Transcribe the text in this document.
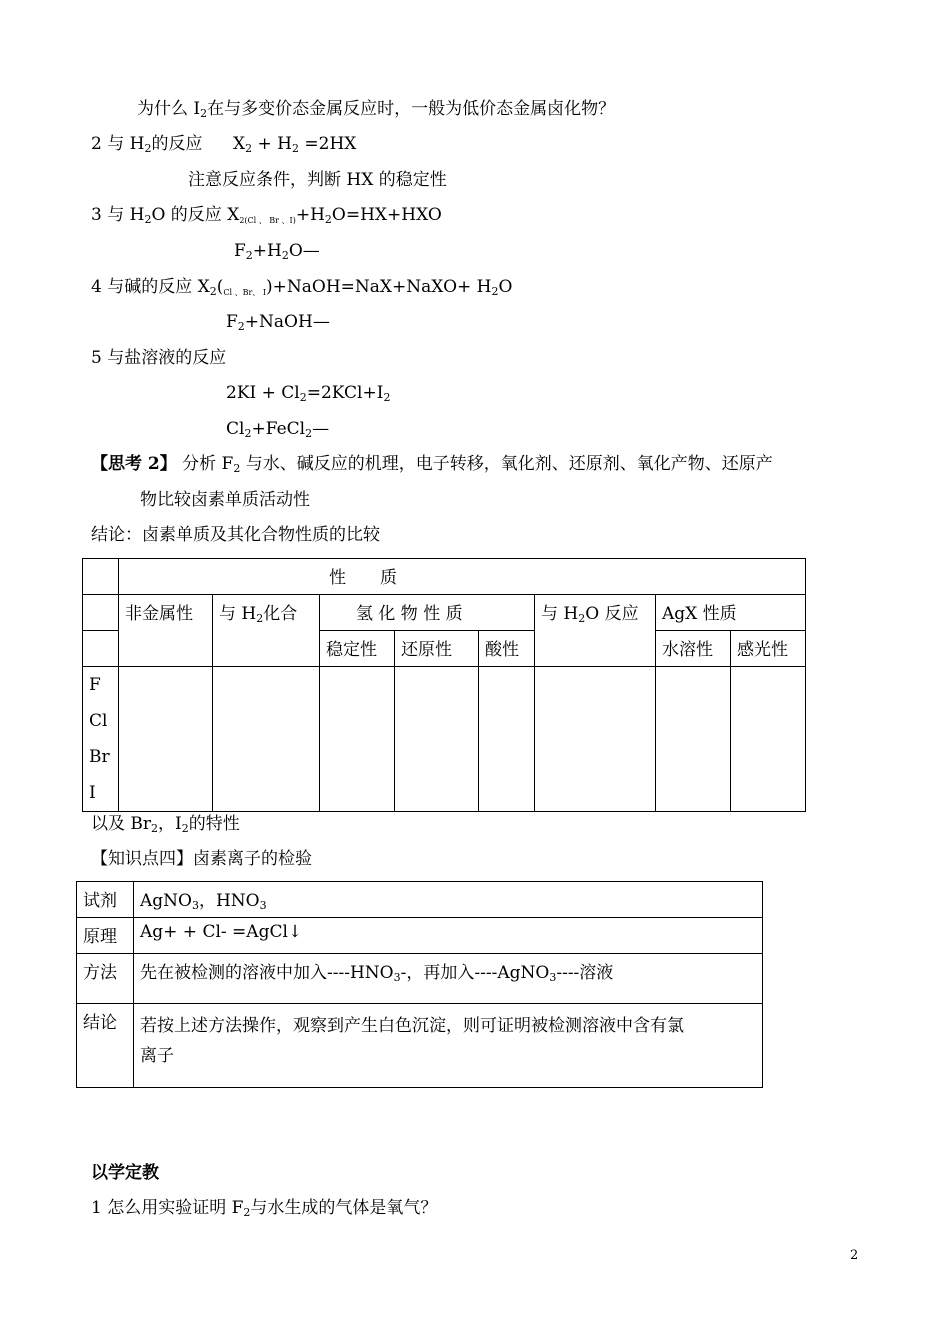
为什么 $I_2$在与多变价态金属反应时，一般为低价态金属卤化物？
2 与 $H_2$的反应 $X_2 + H_2 =2HX$
注意反应条件，判断 HX 的稳定性
3 与 $H_2O$ 的反应 $X_{2(Cl 、 Br 、I)}+H_2O=HX+HXO$
$F_2+H_2O—$
4 与碱的反应 $X_2(_{Cl 、Br、 I})+NaOH=NaX+NaXO+ H_2O$
$F_2+NaOH—$
5 与盐溶液的反应
$2KI + Cl_2=2KCl+I_2$
$Cl_2+FeCl_2—$
【思考 2】 分析 $F_2$ 与水、碱反应的机理，电子转移，氧化剂、还原剂、氧化产物、还原产
物比较卤素单质活动性
结论：卤素单质及其化合物性质的比较
	性　　质							
	非金属性	与 $H_2$化合	氢 化 物 性 质			与 $H_2O$ 反应	AgX 性质	
			稳定性	还原性	酸性		水溶性	感光性

F
Cl
Br
I								

以及 $Br_2$，$I_2$的特性
【知识点四】卤素离子的检验
试剂	AgNO$_3$，$HNO_3$
原理	Ag+ + Cl- =AgCl↓
方法	先在被检测的溶液中加入$----HNO_3-$，再加入----AgNO$_3$----溶液
结论	若按上述方法操作，观察到产生白色沉淀，则可证明被检测溶液中含有氯
离子
以学定教
1 怎么用实验证明 $F_2$与水生成的气体是氧气？
2
